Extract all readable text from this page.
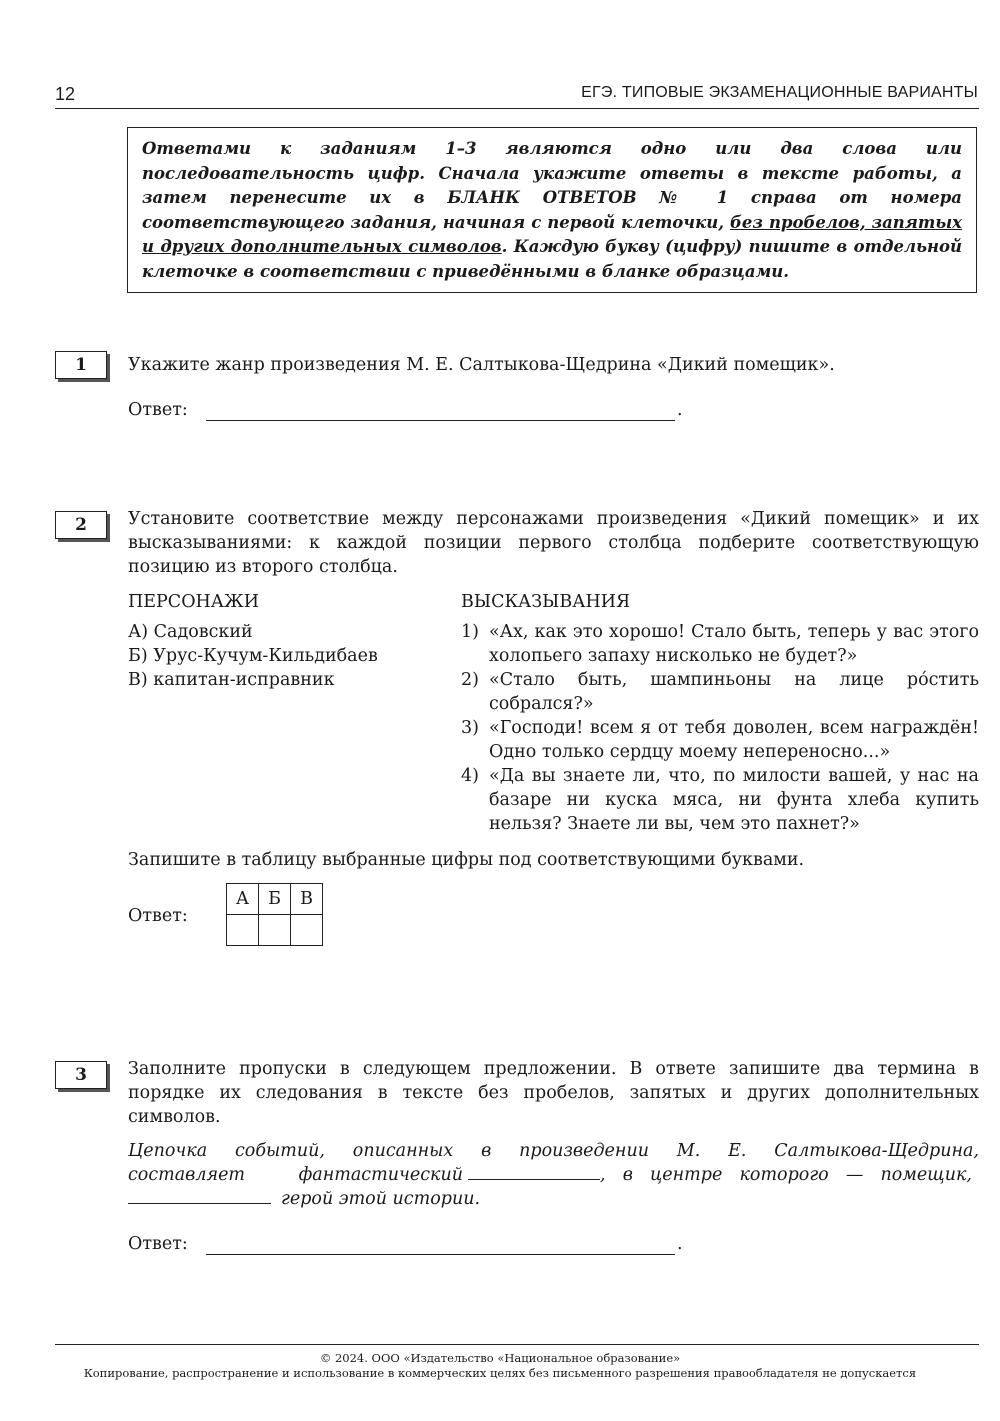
12	ЕГЭ. ТИПОВЫЕ ЭКЗАМЕНАЦИОННЫЕ ВАРИАНТЫ
Ответами к заданиям 1–3 являются одно или два слова или последовательность цифр. Сначала укажите ответы в тексте работы, а затем перенесите их в БЛАНК ОТВЕТОВ № 1 справа от номера соответствующего задания, начиная с первой клеточки, без пробелов, запятых и других дополнительных символов. Каждую букву (цифру) пишите в отдельной клеточке в соответствии с приведёнными в бланке образцами.
1	Укажите жанр произведения М. Е. Салтыкова-Щедрина «Дикий помещик».
Ответ:	.
2	Установите соответствие между персонажами произведения «Дикий помещик» и их высказываниями: к каждой позиции первого столбца подберите соответствующую позицию из второго столбца.
ПЕРСОНАЖИ
А) Садовский
Б) Урус-Кучум-Кильдибаев
В) капитан-исправник
ВЫСКАЗЫВАНИЯ
1) «Ах, как это хорошо! Стало быть, теперь у вас этого холопьего запаху нисколько не будет?»
2) «Стало быть, шампиньоны на лице ро́стить собрался?»
3) «Господи! всем я от тебя доволен, всем награждён! Одно только сердцу моему непереносно...»
4) «Да вы знаете ли, что, по милости вашей, у нас на базаре ни куска мяса, ни фунта хлеба купить нельзя? Знаете ли вы, чем это пахнет?»
Запишите в таблицу выбранные цифры под соответствующими буквами.
Ответ:
А	Б	В

3	Заполните пропуски в следующем предложении. В ответе запишите два термина в порядке их следования в тексте без пробелов, запятых и других дополнительных символов.
Цепочка событий, описанных в произведении М. Е. Салтыкова-Щедрина,
составляет фантастический	, в центре которого — помещик,
герой этой истории.
Ответ:	.
© 2024. ООО «Издательство «Национальное образование»
Копирование, распространение и использование в коммерческих целях без письменного разрешения правообладателя не допускается
